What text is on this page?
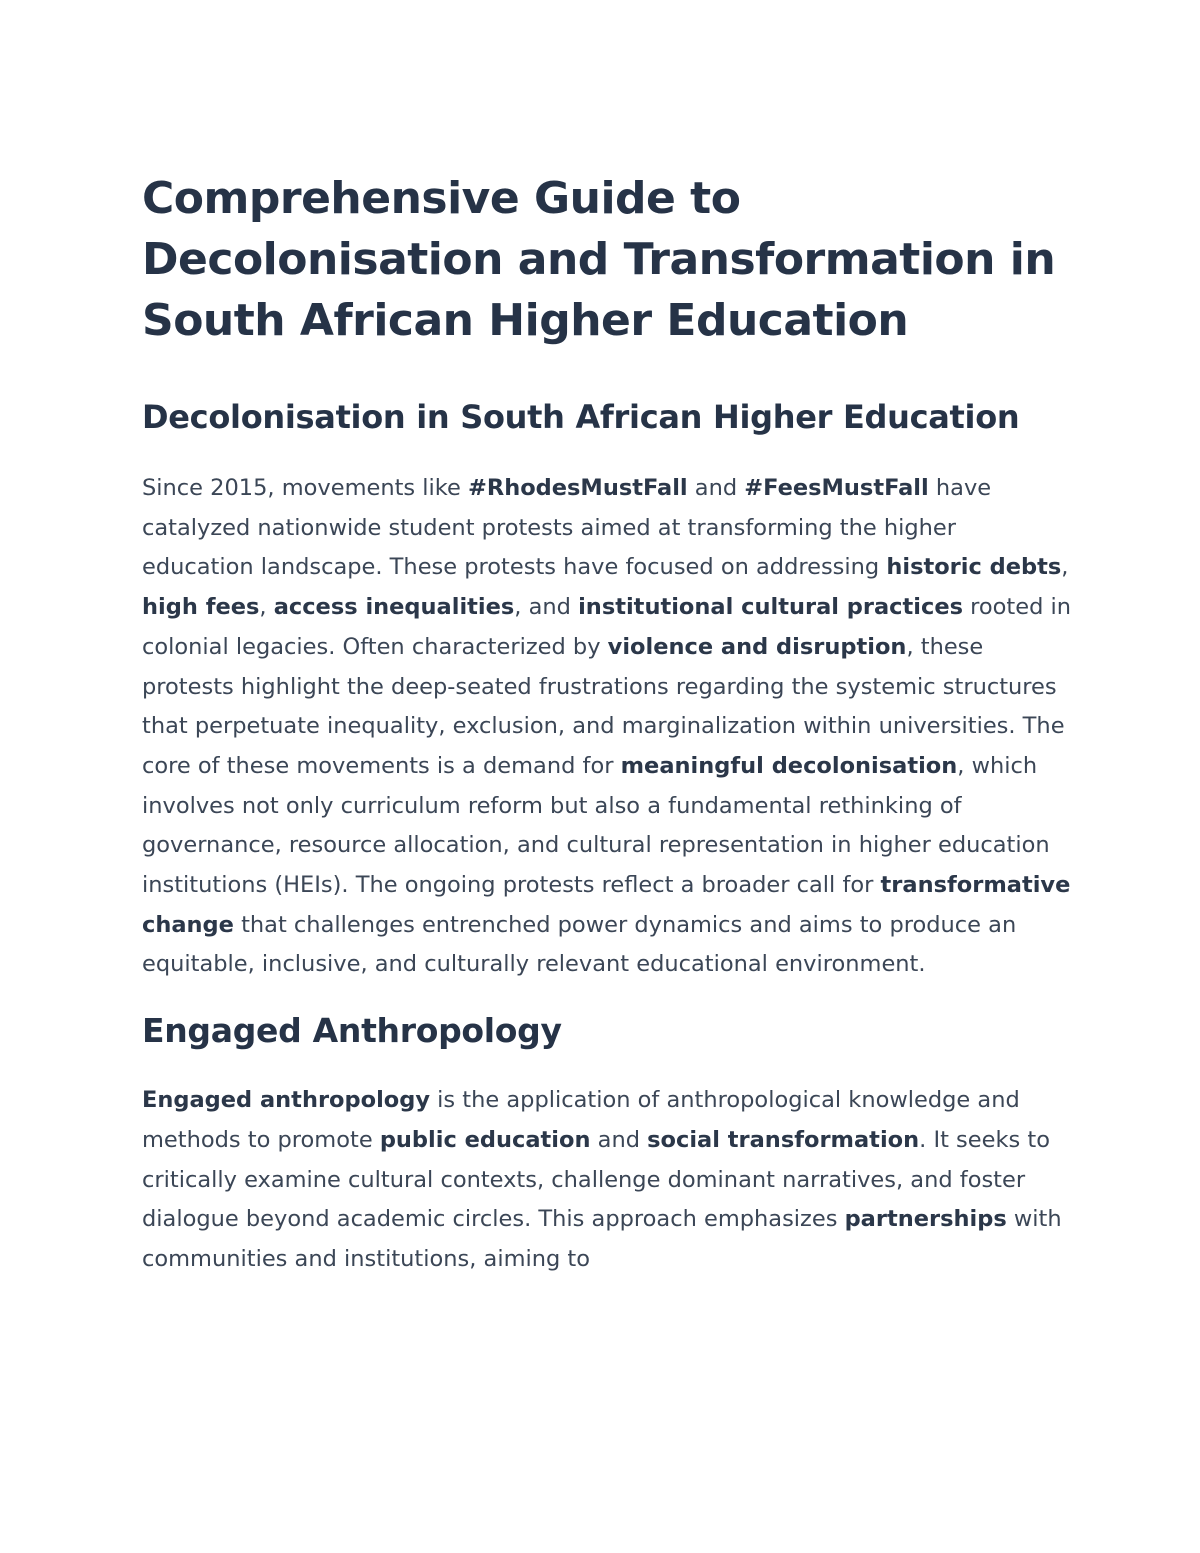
Comprehensive Guide to Decolonisation and Transformation in South African Higher Education
Decolonisation in South African Higher Education

Since 2015, movements like #RhodesMustFall and #FeesMustFall have catalyzed nationwide student protests aimed at transforming the higher education landscape. These protests have focused on addressing historic debts, high fees, access inequalities, and institutional cultural practices rooted in colonial legacies. Often characterized by violence and disruption, these protests highlight the deep-seated frustrations regarding the systemic structures that perpetuate inequality, exclusion, and marginalization within universities. The core of these movements is a demand for meaningful decolonisation, which involves not only curriculum reform but also a fundamental rethinking of governance, resource allocation, and cultural representation in higher education institutions (HEIs). The ongoing protests reflect a broader call for transformative change that challenges entrenched power dynamics and aims to produce an equitable, inclusive, and culturally relevant educational environment.

Engaged Anthropology

Engaged anthropology is the application of anthropological knowledge and methods to promote public education and social transformation. It seeks to critically examine cultural contexts, challenge dominant narratives, and foster dialogue beyond academic circles. This approach emphasizes partnerships with communities and institutions, aiming to
